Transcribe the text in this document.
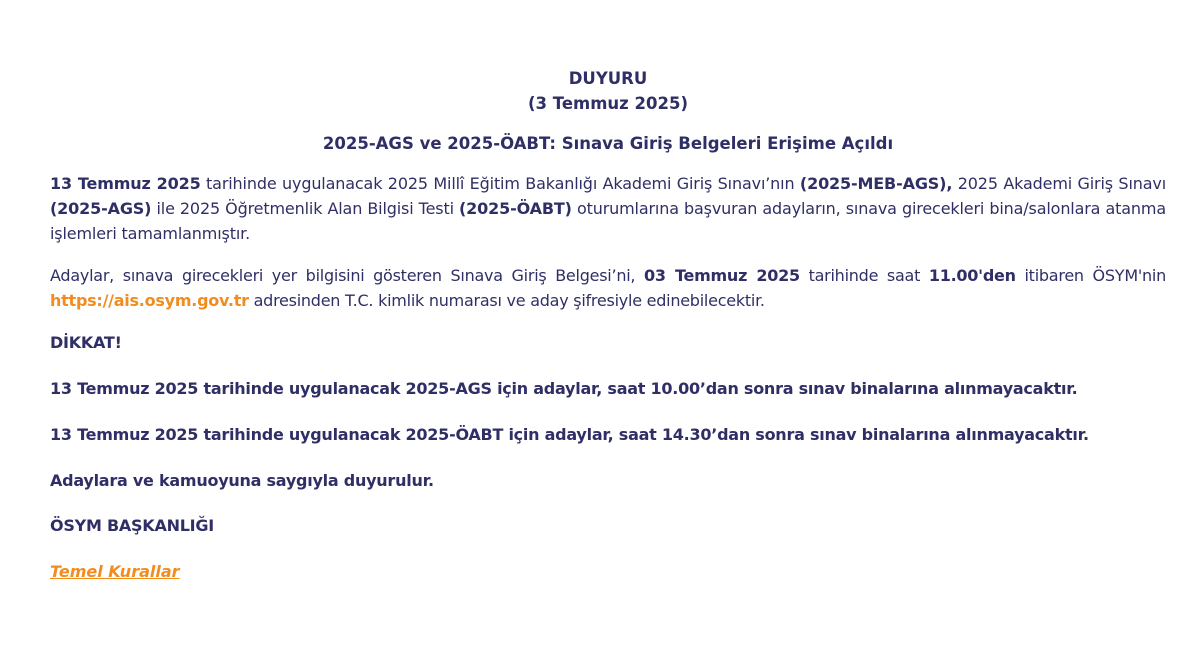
DUYURU
(3 Temmuz 2025)
2025-AGS ve 2025-ÖABT: Sınava Giriş Belgeleri Erişime Açıldı

13 Temmuz 2025 tarihinde uygulanacak 2025 Millî Eğitim Bakanlığı Akademi Giriş Sınavı’nın (2025-MEB-AGS), 2025 Akademi Giriş Sınavı (2025-AGS) ile 2025 Öğretmenlik Alan Bilgisi Testi (2025-ÖABT) oturumlarına başvuran adayların, sınava girecekleri bina/salonlara atanma işlemleri tamamlanmıştır.

Adaylar, sınava girecekleri yer bilgisini gösteren Sınava Giriş Belgesi’ni, 03 Temmuz 2025 tarihinde saat 11.00'den itibaren ÖSYM'nin https://ais.osym.gov.tr adresinden T.C. kimlik numarası ve aday şifresiyle edinebilecektir.

DİKKAT!
13 Temmuz 2025 tarihinde uygulanacak 2025-AGS için adaylar, saat 10.00’dan sonra sınav binalarına alınmayacaktır.
13 Temmuz 2025 tarihinde uygulanacak 2025-ÖABT için adaylar, saat 14.30’dan sonra sınav binalarına alınmayacaktır.
Adaylara ve kamuoyuna saygıyla duyurulur.
ÖSYM BAŞKANLIĞI
Temel Kurallar
